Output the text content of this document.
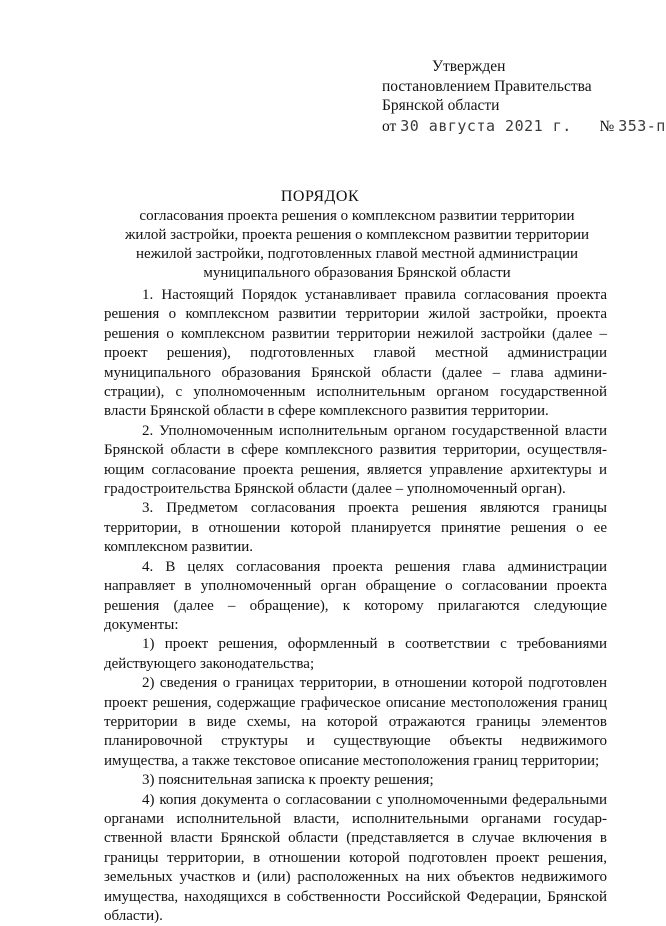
Утвержден
постановлением Правительства
Брянской области
от 30 августа 2021 г. № 353-п
ПОРЯДОК
согласования проекта решения о комплексном развитии территории
жилой застройки, проекта решения о комплексном развитии территории
нежилой застройки, подготовленных главой местной администрации
муниципального образования Брянской области

1. Настоящий Порядок устанавливает правила согласования проекта решения о комплексном развитии территории жилой застройки, проекта решения о комплексном развитии территории нежилой застройки (далее – проект решения), подготовленных главой местной администрации муниципального образования Брянской области (далее – глава администрации), с уполномоченным исполнительным органом государственной власти Брянской области в сфере комплексного развития территории.

2. Уполномоченным исполнительным органом государственной власти Брянской области в сфере комплексного развития территории, осуществляющим согласование проекта решения, является управление архитектуры и градостроительства Брянской области (далее – уполномоченный орган).

3. Предметом согласования проекта решения являются границы территории, в отношении которой планируется принятие решения о ее комплексном развитии.

4. В целях согласования проекта решения глава администрации направляет в уполномоченный орган обращение о согласовании проекта решения (далее – обращение), к которому прилагаются следующие документы:

1) проект решения, оформленный в соответствии с требованиями действующего законодательства;

2) сведения о границах территории, в отношении которой подготовлен проект решения, содержащие графическое описание местоположения границ территории в виде схемы, на которой отражаются границы элементов планировочной структуры и существующие объекты недвижимого имущества, а также текстовое описание местоположения границ территории;

3) пояснительная записка к проекту решения;

4) копия документа о согласовании с уполномоченными федеральными органами исполнительной власти, исполнительными органами государственной власти Брянской области (представляется в случае включения в границы территории, в отношении которой подготовлен проект решения, земельных участков и (или) расположенных на них объектов недвижимого имущества, находящихся в собственности Российской Федерации, Брянской области).
